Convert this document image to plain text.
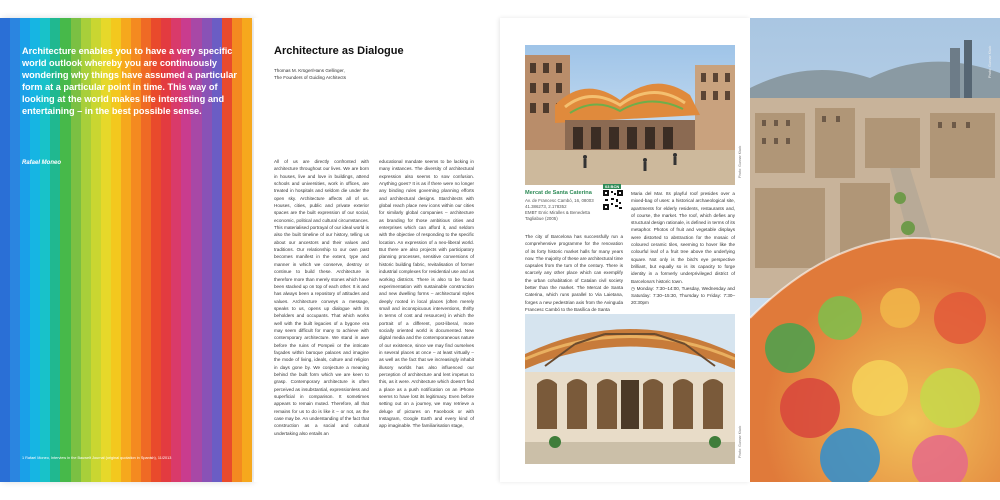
Architecture enables you to have a very specific world outlook whereby you are continuously wondering why things have assumed a particular form at a particular point in time. This way of looking at the world makes life interesting and entertaining – in the best possible sense.
Rafael Moneo
1 Rafael Moneo, Interview in the Bauwelt Journal (original quotation in Spanish), 11/2013
Architecture as Dialogue
Thomas M. Krüger/Hans Gellinger,
The Founders of Guiding Architects
All of us are directly confronted with architecture throughout our lives. We are born in houses, live and love in buildings, attend schools and universities, work in offices, are treated in hospitals and seldom die under the open sky. Architecture affects all of us. Houses, cities, public and private exterior spaces are the built expression of our social, economic, political and cultural circumstances. This materialised portrayal of our ideal world is also the built timeline of our history, telling us about our ancestors and their values and traditions. Our relationship to our own past becomes manifest in the extent, type and manner in which we conserve, destroy or continue to build these. Architecture is therefore more than merely stones which have been stacked up on top of each other. It is and has always been a repository of attitudes and values. Architecture conveys a message, speaks to us, opens up dialogue with its beholders and occupants. That which works well with the built legacies of a bygone era may seem difficult for many to achieve with contemporary architecture. We stand in awe before the ruins of Pompeii or the intricate façades within baroque palaces and imagine the mode of living, ideals, culture and religion in days gone by. We conjecture a meaning behind the built form which we are keen to grasp. Contemporary architecture is often perceived as insubstantial, expressionless and superficial in comparison. It sometimes appears to remain muted. Therefore, all that remains for us to do is like it – or not, as the case may be. An understanding of the fact that construction as a social and cultural undertaking also entails an
educational mandate seems to be lacking in many instances. The diversity of architectural expression also seems to sow confusion. Anything goes? It is as if there were no longer any binding rules governing planning efforts and architectural designs. Starchitects with global reach place new icons within our cities for similarly global companies – architecture as branding for those ambitious cities and enterprises which can afford it, and seldom with the objective of responding to the specific location. An expression of a neo-liberal world. But there are also projects with participatory planning processes, sensitive conversions of historic building fabric, revitalisation of former industrial complexes for residential use and as working districts. There is also to be found experimentation with sustainable construction and new dwelling forms – architectural styles deeply rooted in local places (often merely small and inconspicuous interventions, thrifty in terms of cost and resources) in which the portrait of a different, post-liberal, more socially oriented world is documented. New digital media and the contemporaneous nature of our existence, since we may find ourselves in several places at once – at least virtually – as well as the fact that we increasingly inhabit illusory worlds has also influenced our perception of architecture and lent impetus to this, as it were. Architecture which doesn't find a place as a push notification on an iPhone seems to have lost its legitimacy. Even before setting out on a journey, we may retrieve a deluge of pictures on Facebook or with Instagram, Google Earth and every kind of app imaginable. The familiarisation stage,
Photo: Gunnar Klack
Mercat de Santa Caterina
Av. de Francesc Cambó, 16, 08003
41.386273, 2.178352
EMBT Enric Miralles & Benedetta Tagliabue (2005)
03 BCN
The city of Barcelona has successfully run a comprehensive programme for the renovation of its forty historic market halls for many years now. The majority of these are architectural time capsules from the turn of the century. There is scarcely any other place which can exemplify the urban cohabitation of Catalan civil society better than the market. The Mercat de Santa Caterina, which runs parallel to Via Laietana, forges a new pedestrian axis from the Avinguda Francesc Cambó to the Basílica de Santa
Maria del Mar. Its playful roof presides over a mixed-bag of uses: a historical archaeological site, apartments for elderly residents, restaurants and, of course, the market. The roof, which defies any structural design rationale, is defined in terms of its metaphor. Photos of fruit and vegetable displays were distorted to abstraction for the mosaic of coloured ceramic tiles, seeming to hover like the colourful leaf of a fruit tree above the underlying square. Not only is the bird's eye perspective brilliant, but equally so is its capacity to forge identity in a formerly underprivileged district of Barcelona's historic town.
◷ Monday: 7:30–14:00, Tuesday, Wednesday and Saturday: 7:30–15:30, Thursday to Friday: 7:30–20:30pm
Photo: Gunnar Klack
Photo: Gunnar Klack
